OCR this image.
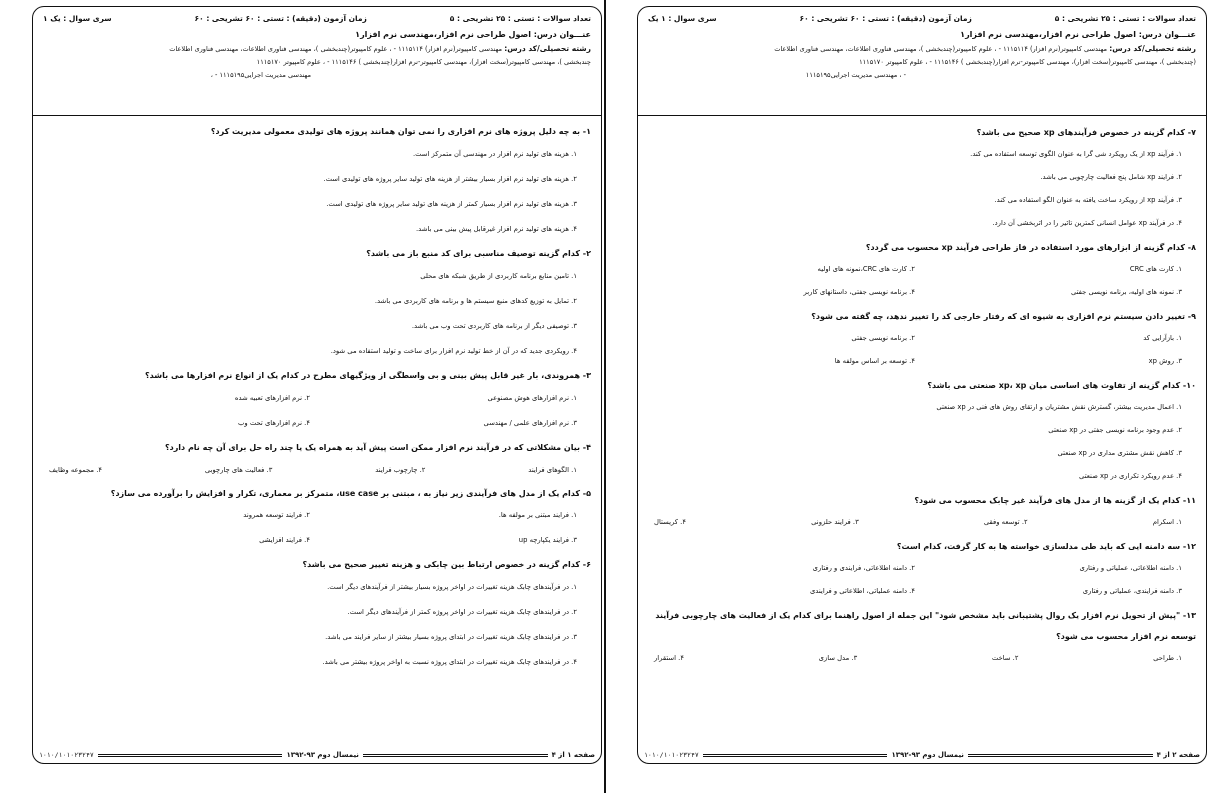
تعداد سوالات : تستی : ۲۵ تشریحی : ۵
زمان آزمون (دقیقه) : تستی : ۶۰ تشریحی : ۶۰
سری سوال : یک ۱
عنـــوان درس: اصول طراحی نرم افزار،مهندسی نرم افزار۱
رشته تحصیلی/کد درس: مهندسی کامپیوتر(نرم افزار) ۱۱۱۵۱۱۴ - ، علوم کامپیوتر(چندبخشی )، مهندسی فناوری اطلاعات، مهندسی فناوری اطلاعات
چندبخشی )، مهندسی کامپیوتر(سخت افزار)، مهندسی کامپیوتر-نرم افزار(چندبخشی ) ۱۱۱۵۱۴۶ - ، علوم کامپیوتر ۱۱۱۵۱۷۰
مهندسی مدیریت اجرایی۱۱۱۵۱۹۵ - ،
۱- به چه دلیل پروژه های نرم افزاری را نمی توان همانند پروژه های تولیدی معمولی مدیریت کرد؟
۱. هزینه های تولید نرم افزار در مهندسی آن متمرکز است.
۲. هزینه های تولید نرم افزار بسیار بیشتر از هزینه های تولید سایر پروژه های تولیدی است.
۳. هزینه های تولید نرم افزار بسیار کمتر از هزینه های تولید سایر پروژه های تولیدی است.
۴. هزینه های تولید نرم افزار غیرقابل پیش بینی می باشد.
۲- کدام گزینه توصیف مناسبی برای کد منبع باز می باشد؟
۱. تامین منابع برنامه کاربردی از طریق شبکه های محلی
۲. تمایل به توزیع کدهای منبع سیستم ها و برنامه های کاربردی می باشد.
۳. توصیفی دیگر از برنامه های کاربردی تحت وب می باشد.
۴. رویکردی جدید که در آن از خط تولید نرم افزار برای ساخت و تولید استفاده می شود.
۳- همروندی، بار غیر قابل پیش بینی و بی واسطگی از ویژگیهای مطرح در کدام یک از انواع نرم افزارها می باشد؟
۱. نرم افزارهای هوش مصنوعی
۲. نرم افزارهای تعبیه شده
۳. نرم افزارهای علمی / مهندسی
۴. نرم افزارهای تحت وب
۴- بیان مشکلاتی که در فرآیند نرم افزار ممکن است پیش آید به همراه یک یا چند راه حل برای آن چه نام دارد؟
۱. الگوهای فرایند
۲. چارچوب فرایند
۳. فعالیت های چارچوبی
۴. مجموعه وظایف
۵- کدام یک از مدل های فرآیندی زیر نیاز به ، مبتنی بر use case، متمرکز بر معماری، تکرار و افزایش را برآورده می سازد؟
۱. فرایند مبتنی بر مولفه ها.
۲. فرایند توسعه همروند
۳. فرایند یکپارچه up
۴. فرایند افزایشی
۶- کدام گزینه در خصوص ارتباط بین چابکی و هزینه تغییر صحیح می باشد؟
۱. در فرآیندهای چابک هزینه تغییرات در اواخر پروژه بسیار بیشتر از فرآیندهای دیگر است.
۲. در فرایندهای چابک هزینه تغییرات در اواخر پروژه کمتر از فرآیندهای دیگر است.
۳. در فرایندهای چابک هزینه تغییرات در ابتدای پروژه بسیار بیشتر از سایر فرایند می باشد.
۴. در فرایندهای چابک هزینه تغییرات در ابتدای پروژه نسبت به اواخر پروژه بیشتر می باشد.
صفحه ۱ از ۴
نیمسال دوم ۹۳-۱۳۹۲
۱۰۱۰/۱۰۱۰۲۳۲۴۷
تعداد سوالات : تستی : ۲۵ تشریحی : ۵
زمان آزمون (دقیقه) : تستی : ۶۰ تشریحی : ۶۰
سری سوال : ۱ یک
عنـــوان درس: اصول طراحی نرم افزار،مهندسی نرم افزار۱
رشته تحصیلی/کد درس: مهندسی کامپیوتر(نرم افزار) ۱۱۱۵۱۱۴ - ، علوم کامپیوتر(چندبخشی )، مهندسی فناوری اطلاعات، مهندسی فناوری اطلاعات
(چندبخشی )، مهندسی کامپیوتر(سخت افزار)، مهندسی کامپیوتر-نرم افزار(چندبخشی ) ۱۱۱۵۱۴۶ - ، علوم کامپیوتر ۱۱۱۵۱۷۰
- ، مهندسی مدیریت اجرایی۱۱۱۵۱۹۵
۷- کدام گزینه در خصوص فرآیندهای xp صحیح می باشد؟
۱. فرآیند xp از یک رویکرد شی گرا به عنوان الگوی توسعه استفاده می کند.
۲. فرایند xp شامل پنج فعالیت چارچوبی می باشد.
۳. فرآیند xp از رویکرد ساخت یافته به عنوان الگو استفاده می کند.
۴. در فرآیند xp عوامل انسانی کمترین تاثیر را در اثربخشی آن دارد.
۸- کدام گزینه از ابزارهای مورد استفاده در فاز طراحی فرآیند xp محسوب می گردد؟
۱. کارت های CRC
۲. کارت های CRC،نمونه های اولیه
۳. نمونه های اولیه، برنامه نویسی جفتی
۴. برنامه نویسی جفتی، داستانهای کاربر
۹- تغییر دادن سیستم نرم افزاری به شیوه ای که رفتار خارجی کد را تغییر ندهد، چه گفته می شود؟
۱. بازآرایی کد
۲. برنامه نویسی جفتی
۳. روش xp
۴. توسعه بر اساس مولفه ها
۱۰- کدام گزینه از تفاوت های اساسی میان xp، xp صنعتی می باشد؟
۱. اعمال مدیریت بیشتر، گسترش نقش مشتریان و ارتقای روش های فنی در xp صنعتی
۲. عدم وجود برنامه نویسی جفتی در xp صنعتی
۳. کاهش نقش مشتری مداری در xp صنعتی
۴. عدم رویکرد تکراری در xp صنعتی
۱۱- کدام یک از گزینه ها از مدل های فرآیند غیر چابک محسوب می شود؟
۱. اسکرام
۲. توسعه وفقی
۳. فرایند حلزونی
۴. کریستال
۱۲- سه دامنه ایی که باید طی مدلسازی خواسته ها به کار گرفت، کدام است؟
۱. دامنه اطلاعاتی، عملیاتی و رفتاری
۲. دامنه اطلاعاتی، فرایندی و رفتاری
۳. دامنه فرایندی، عملیاتی و رفتاری
۴. دامنه عملیاتی، اطلاعاتی و فرایندی
۱۳- "پیش از تحویل نرم افزار یک روال پشتیبانی باید مشخص شود" این جمله از اصول راهنما برای کدام یک از فعالیت های چارچوبی فرآیند توسعه نرم افزار محسوب می شود؟
۱. طراحی
۲. ساخت
۳. مدل سازی
۴. استقرار
صفحه ۲ از ۴
نیمسال دوم ۹۳-۱۳۹۲
۱۰۱۰/۱۰۱۰۲۳۲۴۷
